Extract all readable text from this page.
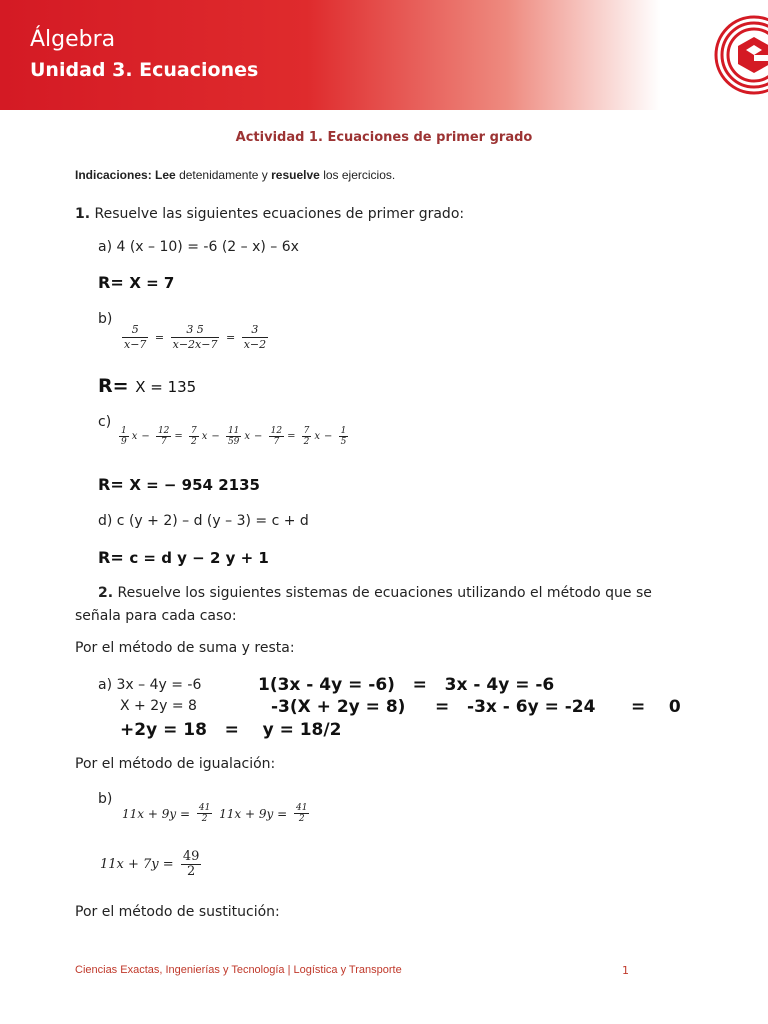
Álgebra
Unidad 3. Ecuaciones
Actividad 1. Ecuaciones de primer grado
Indicaciones: Lee detenidamente y resuelve los ejercicios.
1. Resuelve las siguientes ecuaciones de primer grado:
a) 4 (x – 10) = -6 (2 – x) – 6x
R= X = 7
b)
$\frac{5}{x-7} = \frac{3 5}{x-2x-7} = \frac{3}{x-2}$
R= X = 135
c)
$\frac{1}{9}$ $x - \frac{12}{7} = \frac{7}{2}$ $x - \frac{11}{59}$ $x - \frac{12}{7} = \frac{7}{2}$ $x - \frac{1}{5}$
R= X = − 954 2135
d) c (y + 2) – d (y – 3) = c + d
R= c = d y − 2 y + 1
2. Resuelve los siguientes sistemas de ecuaciones utilizando el método que se
señala para cada caso:
Por el método de suma y resta:
a) 3x – 4y = -6
X + 2y = 8
1(3x - 4y = -6)   =   3x - 4y = -6
-3(X + 2y = 8)     =   -3x - 6y = -24      =    0
+2y = 18   =    y = 18/2
Por el método de igualación:
b)
$11x + 9y = \frac{41}{2} 11x + 9y = \frac{41}{2}$
$11x + 7y = \frac{49}{2}$
Por el método de sustitución:
Ciencias Exactas, Ingenierías y Tecnología | Logística y Transporte	1
